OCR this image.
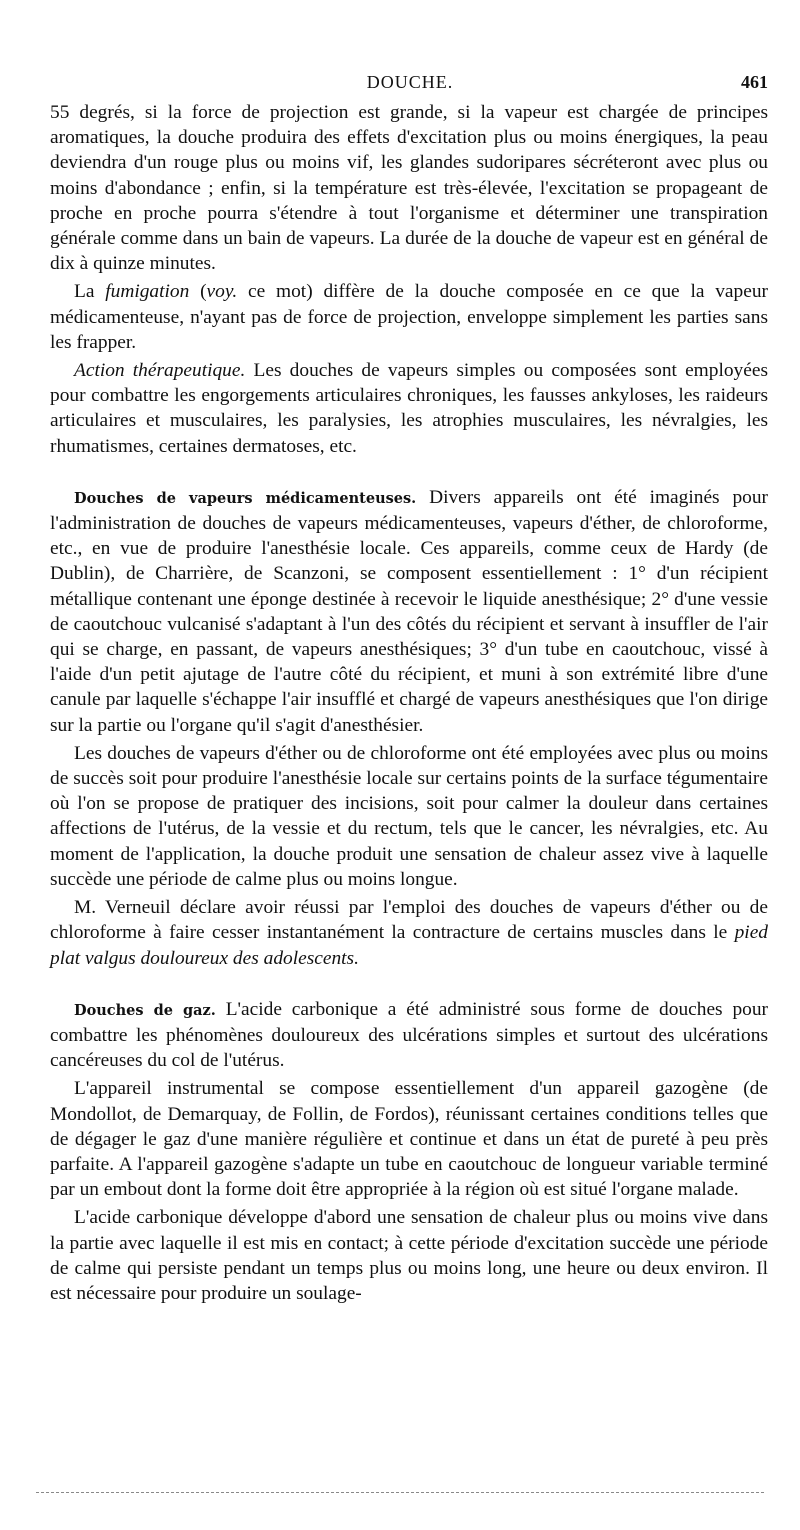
DOUCHE.	461

55 degrés, si la force de projection est grande, si la vapeur est chargée de principes aromatiques, la douche produira des effets d'excitation plus ou moins énergiques, la peau deviendra d'un rouge plus ou moins vif, les glandes sudoripares sécréteront avec plus ou moins d'abondance ; enfin, si la température est très-élevée, l'excitation se propageant de proche en proche pourra s'étendre à tout l'organisme et déterminer une transpiration générale comme dans un bain de vapeurs. La durée de la douche de vapeur est en général de dix à quinze minutes.

La fumigation (voy. ce mot) diffère de la douche composée en ce que la vapeur médicamenteuse, n'ayant pas de force de projection, enveloppe simplement les parties sans les frapper.

Action thérapeutique. Les douches de vapeurs simples ou composées sont employées pour combattre les engorgements articulaires chroniques, les fausses ankyloses, les raideurs articulaires et musculaires, les paralysies, les atrophies musculaires, les névralgies, les rhumatismes, certaines dermatoses, etc.

Douches de vapeurs médicamenteuses. Divers appareils ont été imaginés pour l'administration de douches de vapeurs médicamenteuses, vapeurs d'éther, de chloroforme, etc., en vue de produire l'anesthésie locale. Ces appareils, comme ceux de Hardy (de Dublin), de Charrière, de Scanzoni, se composent essentiellement : 1° d'un récipient métallique contenant une éponge destinée à recevoir le liquide anesthésique; 2° d'une vessie de caoutchouc vulcanisé s'adaptant à l'un des côtés du récipient et servant à insuffler de l'air qui se charge, en passant, de vapeurs anesthésiques; 3° d'un tube en caoutchouc, vissé à l'aide d'un petit ajutage de l'autre côté du récipient, et muni à son extrémité libre d'une canule par laquelle s'échappe l'air insufflé et chargé de vapeurs anesthésiques que l'on dirige sur la partie ou l'organe qu'il s'agit d'anesthésier.

Les douches de vapeurs d'éther ou de chloroforme ont été employées avec plus ou moins de succès soit pour produire l'anesthésie locale sur certains points de la surface tégumentaire où l'on se propose de pratiquer des incisions, soit pour calmer la douleur dans certaines affections de l'utérus, de la vessie et du rectum, tels que le cancer, les névralgies, etc. Au moment de l'application, la douche produit une sensation de chaleur assez vive à laquelle succède une période de calme plus ou moins longue.

M. Verneuil déclare avoir réussi par l'emploi des douches de vapeurs d'éther ou de chloroforme à faire cesser instantanément la contracture de certains muscles dans le pied plat valgus douloureux des adolescents.

Douches de gaz. L'acide carbonique a été administré sous forme de douches pour combattre les phénomènes douloureux des ulcérations simples et surtout des ulcérations cancéreuses du col de l'utérus.

L'appareil instrumental se compose essentiellement d'un appareil gazogène (de Mondollot, de Demarquay, de Follin, de Fordos), réunissant certaines conditions telles que de dégager le gaz d'une manière régulière et continue et dans un état de pureté à peu près parfaite. A l'appareil gazogène s'adapte un tube en caoutchouc de longueur variable terminé par un embout dont la forme doit être appropriée à la région où est situé l'organe malade.

L'acide carbonique développe d'abord une sensation de chaleur plus ou moins vive dans la partie avec laquelle il est mis en contact; à cette période d'excitation succède une période de calme qui persiste pendant un temps plus ou moins long, une heure ou deux environ. Il est nécessaire pour produire un soulage-
